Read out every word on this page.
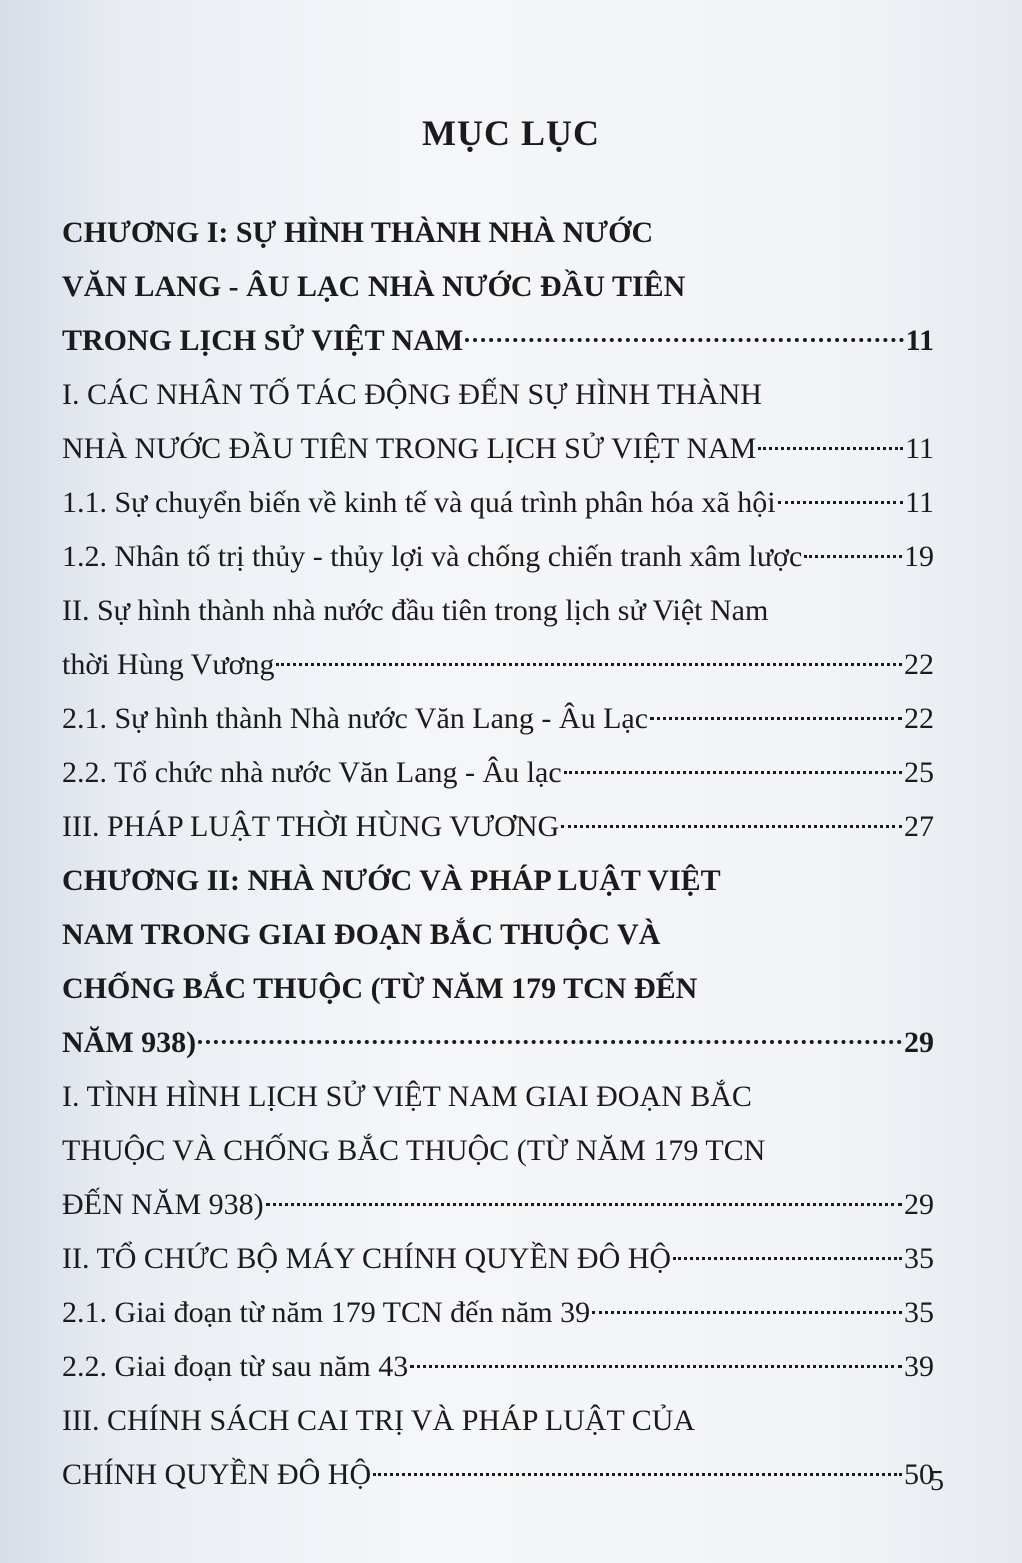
MỤC LỤC
CHƯƠNG I: SỰ HÌNH THÀNH NHÀ NƯỚC
VĂN LANG - ÂU LẠC NHÀ NƯỚC ĐẦU TIÊN
TRONG LỊCH SỬ VIỆT NAM	11
I. CÁC NHÂN TỐ TÁC ĐỘNG ĐẾN SỰ HÌNH THÀNH
NHÀ NƯỚC ĐẦU TIÊN TRONG LỊCH SỬ VIỆT NAM	11
1.1. Sự chuyển biến về kinh tế và quá trình phân hóa xã hội	11
1.2. Nhân tố trị thủy - thủy lợi và chống chiến tranh xâm lược	19
II. Sự hình thành nhà nước đầu tiên trong lịch sử Việt Nam
thời Hùng Vương	22
2.1. Sự hình thành Nhà nước Văn Lang - Âu Lạc	22
2.2. Tổ chức nhà nước Văn Lang - Âu lạc	25
III. PHÁP LUẬT THỜI HÙNG VƯƠNG	27
CHƯƠNG II: NHÀ NƯỚC VÀ PHÁP LUẬT VIỆT
NAM TRONG GIAI ĐOẠN BẮC THUỘC VÀ
CHỐNG BẮC THUỘC (TỪ NĂM 179 TCN ĐẾN
NĂM 938)	29
I. TÌNH HÌNH LỊCH SỬ VIỆT NAM GIAI ĐOẠN BẮC
THUỘC VÀ CHỐNG BẮC THUỘC (TỪ NĂM 179 TCN
ĐẾN NĂM 938)	29
II. TỔ CHỨC BỘ MÁY CHÍNH QUYỀN ĐÔ HỘ	35
2.1. Giai đoạn từ năm 179 TCN đến năm 39	35
2.2. Giai đoạn từ sau năm 43	39
III. CHÍNH SÁCH CAI TRỊ VÀ PHÁP LUẬT CỦA
CHÍNH QUYỀN ĐÔ HỘ	50
5
